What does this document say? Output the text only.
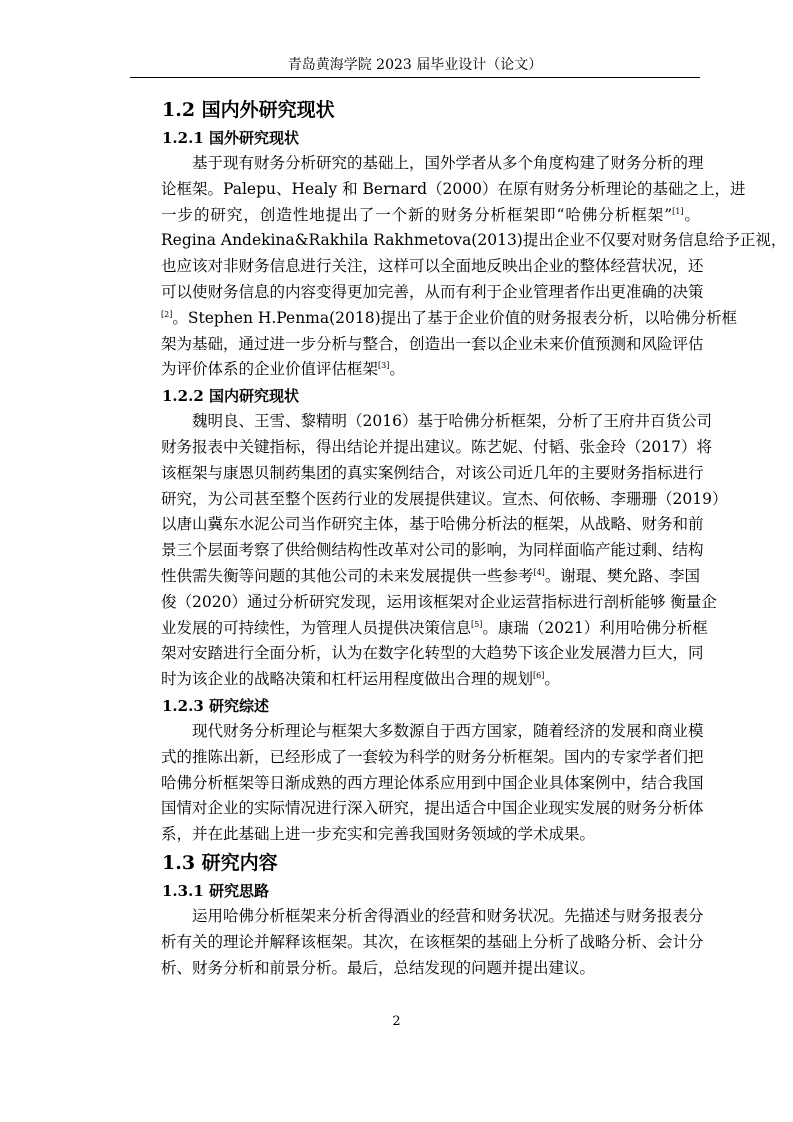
青岛黄海学院 2023 届毕业设计（论文）
1.2 国内外研究现状
1.2.1 国外研究现状
基于现有财务分析研究的基础上，国外学者从多个角度构建了财务分析的理
论框架。Palepu、Healy 和 Bernard（2000）在原有财务分析理论的基础之上，进
一步的研究，创造性地提出了一个新的财务分析框架即“哈佛分析框架”[1]。
Regina Andekina&Rakhila Rakhmetova(2013)提出企业不仅要对财务信息给予正视，
也应该对非财务信息进行关注，这样可以全面地反映出企业的整体经营状况，还
可以使财务信息的内容变得更加完善，从而有利于企业管理者作出更准确的决策
[2]。Stephen H.Penma(2018)提出了基于企业价值的财务报表分析，以哈佛分析框
架为基础，通过进一步分析与整合，创造出一套以企业未来价值预测和风险评估
为评价体系的企业价值评估框架[3]。
1.2.2 国内研究现状
魏明良、王雪、黎精明（2016）基于哈佛分析框架，分析了王府井百货公司
财务报表中关键指标，得出结论并提出建议。陈艺妮、付韬、张金玲（2017）将
该框架与康恩贝制药集团的真实案例结合，对该公司近几年的主要财务指标进行
研究，为公司甚至整个医药行业的发展提供建议。宣杰、何依畅、李珊珊（2019）
以唐山冀东水泥公司当作研究主体，基于哈佛分析法的框架，从战略、财务和前
景三个层面考察了供给侧结构性改革对公司的影响，为同样面临产能过剩、结构
性供需失衡等问题的其他公司的未来发展提供一些参考[4]。谢琨、樊允路、李国
俊（2020）通过分析研究发现，运用该框架对企业运营指标进行剖析能够 衡量企
业发展的可持续性，为管理人员提供决策信息[5]。康瑞（2021）利用哈佛分析框
架对安踏进行全面分析，认为在数字化转型的大趋势下该企业发展潜力巨大，同
时为该企业的战略决策和杠杆运用程度做出合理的规划[6]。
1.2.3 研究综述
现代财务分析理论与框架大多数源自于西方国家，随着经济的发展和商业模
式的推陈出新，已经形成了一套较为科学的财务分析框架。国内的专家学者们把
哈佛分析框架等日渐成熟的西方理论体系应用到中国企业具体案例中，结合我国
国情对企业的实际情况进行深入研究，提出适合中国企业现实发展的财务分析体
系，并在此基础上进一步充实和完善我国财务领域的学术成果。
1.3 研究内容
1.3.1 研究思路
运用哈佛分析框架来分析舍得酒业的经营和财务状况。先描述与财务报表分
析有关的理论并解释该框架。其次，在该框架的基础上分析了战略分析、会计分
析、财务分析和前景分析。最后，总结发现的问题并提出建议。
2
